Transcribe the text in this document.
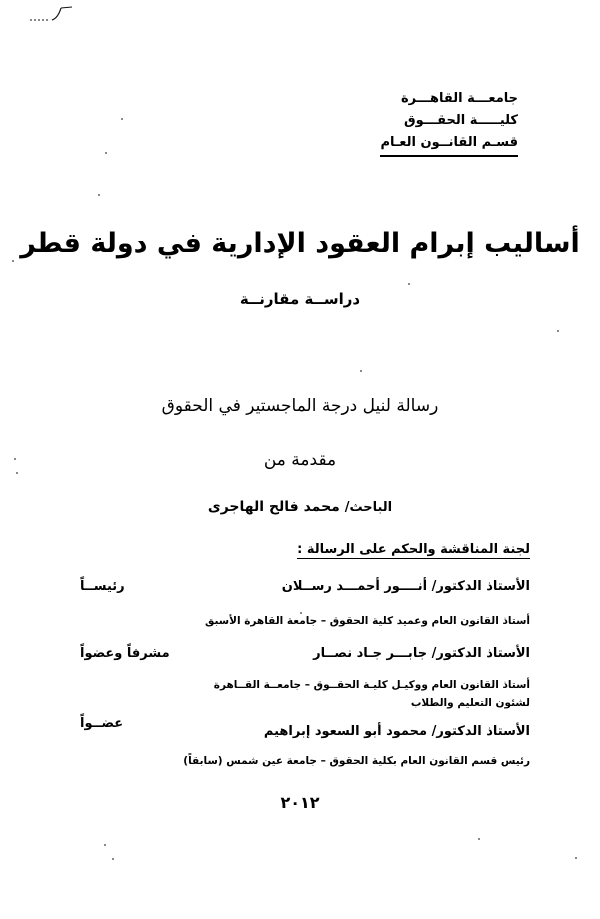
جامعـــة القاهـــرة
كليـــــة الحقـــوق
قسـم القانــون العـام
أساليب إبرام العقود الإدارية في دولة قطر
دراســة مقارنــة
رسالة لنيل درجة الماجستير في الحقوق
مقدمة من
الباحث/ محمد فالح الهاجرى
لجنة المناقشة والحكم على الرسالة :
الأستاذ الدكتور/ أنــــور أحمـــد رســلان
رئيســاً
أستاذ القانون العام وعميد كلية الحقوق – جامعة القاهرة الأسبق
الأستاذ الدكتور/ جابـــر جـاد نصــار
مشرفاً وعضواً
أستاذ القانون العام ووكيـل كليـة الحقــوق – جامعــة القــاهرة
لشئون التعليم والطلاب
الأستاذ الدكتور/ محمود أبو السعود إبراهيم
عضــواً
رئيس قسم القانون العام بكلية الحقوق – جامعة عين شمس (سابقاً)
٢٠١٢
